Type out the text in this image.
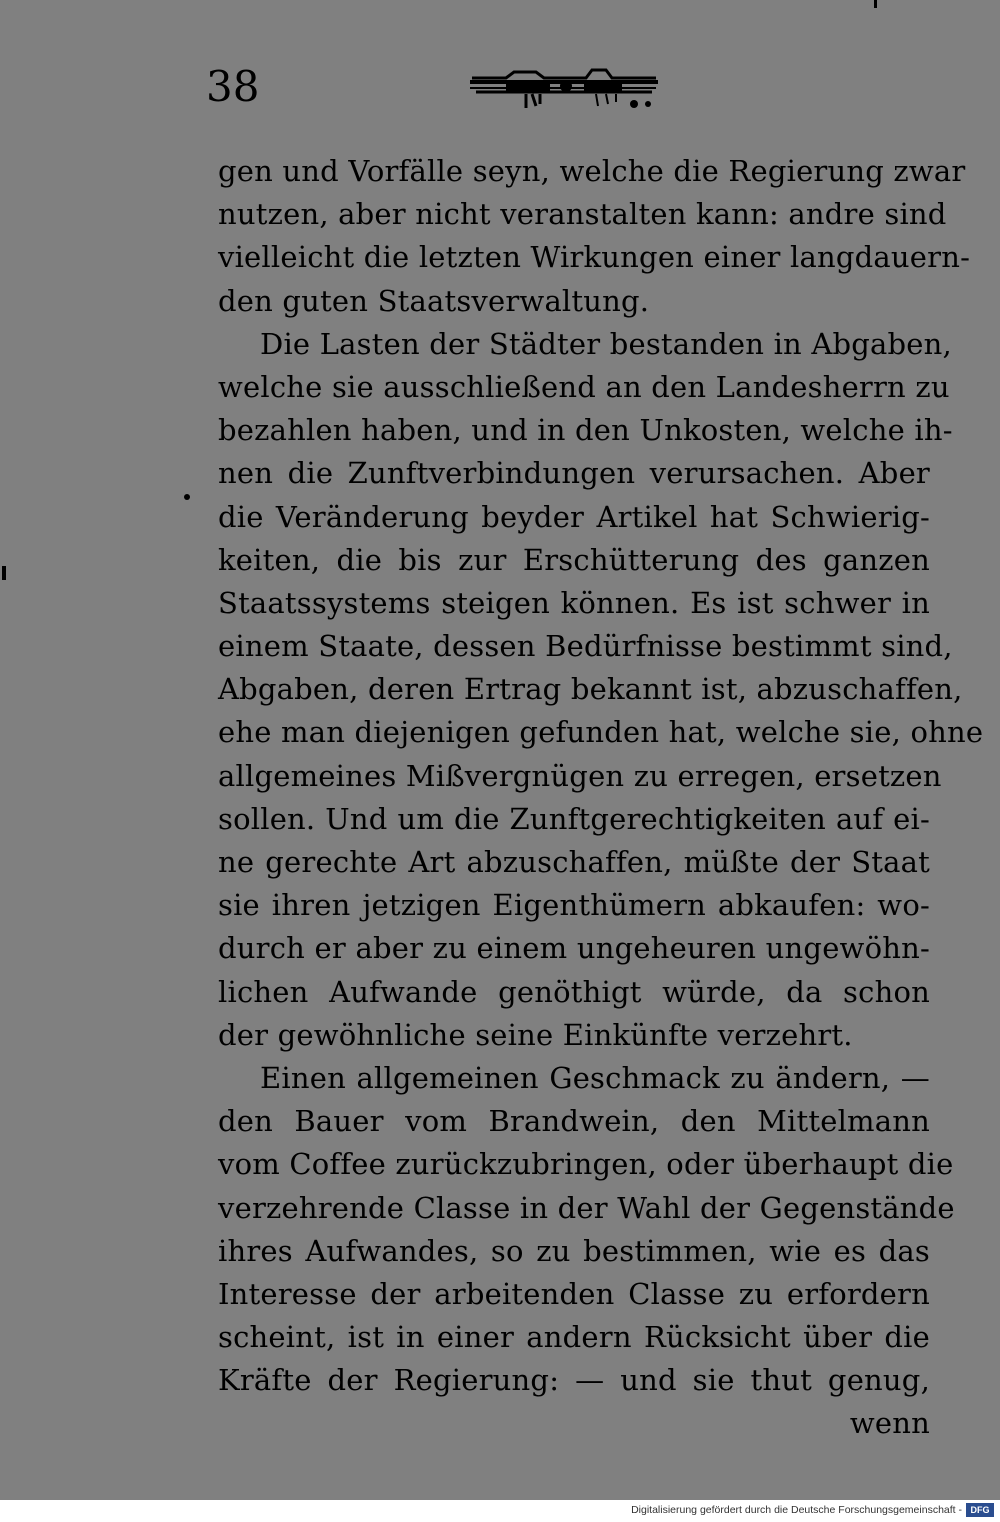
38
gen und Vorfälle seyn, welche die Regierung zwar
nutzen, aber nicht veranstalten kann: andre sind
vielleicht die letzten Wirkungen einer langdauern-
den guten Staatsverwaltung.
Die Lasten der Städter bestanden in Abgaben,
welche sie ausschließend an den Landesherrn zu
bezahlen haben, und in den Unkosten, welche ih-
nen die Zunftverbindungen verursachen. Aber
die Veränderung beyder Artikel hat Schwierig-
keiten, die bis zur Erschütterung des ganzen
Staatssystems steigen können. Es ist schwer in
einem Staate, dessen Bedürfnisse bestimmt sind,
Abgaben, deren Ertrag bekannt ist, abzuschaffen,
ehe man diejenigen gefunden hat, welche sie, ohne
allgemeines Mißvergnügen zu erregen, ersetzen
sollen. Und um die Zunftgerechtigkeiten auf ei-
ne gerechte Art abzuschaffen, müßte der Staat
sie ihren jetzigen Eigenthümern abkaufen: wo-
durch er aber zu einem ungeheuren ungewöhn-
lichen Aufwande genöthigt würde, da schon
der gewöhnliche seine Einkünfte verzehrt.
Einen allgemeinen Geschmack zu ändern, —
den Bauer vom Brandwein, den Mittelmann
vom Coffee zurückzubringen, oder überhaupt die
verzehrende Classe in der Wahl der Gegenstände
ihres Aufwandes, so zu bestimmen, wie es das
Interesse der arbeitenden Classe zu erfordern
scheint, ist in einer andern Rücksicht über die
Kräfte der Regierung: — und sie thut genug,
wenn
Digitalisierung gefördert durch die Deutsche Forschungsgemeinschaft - DFG
